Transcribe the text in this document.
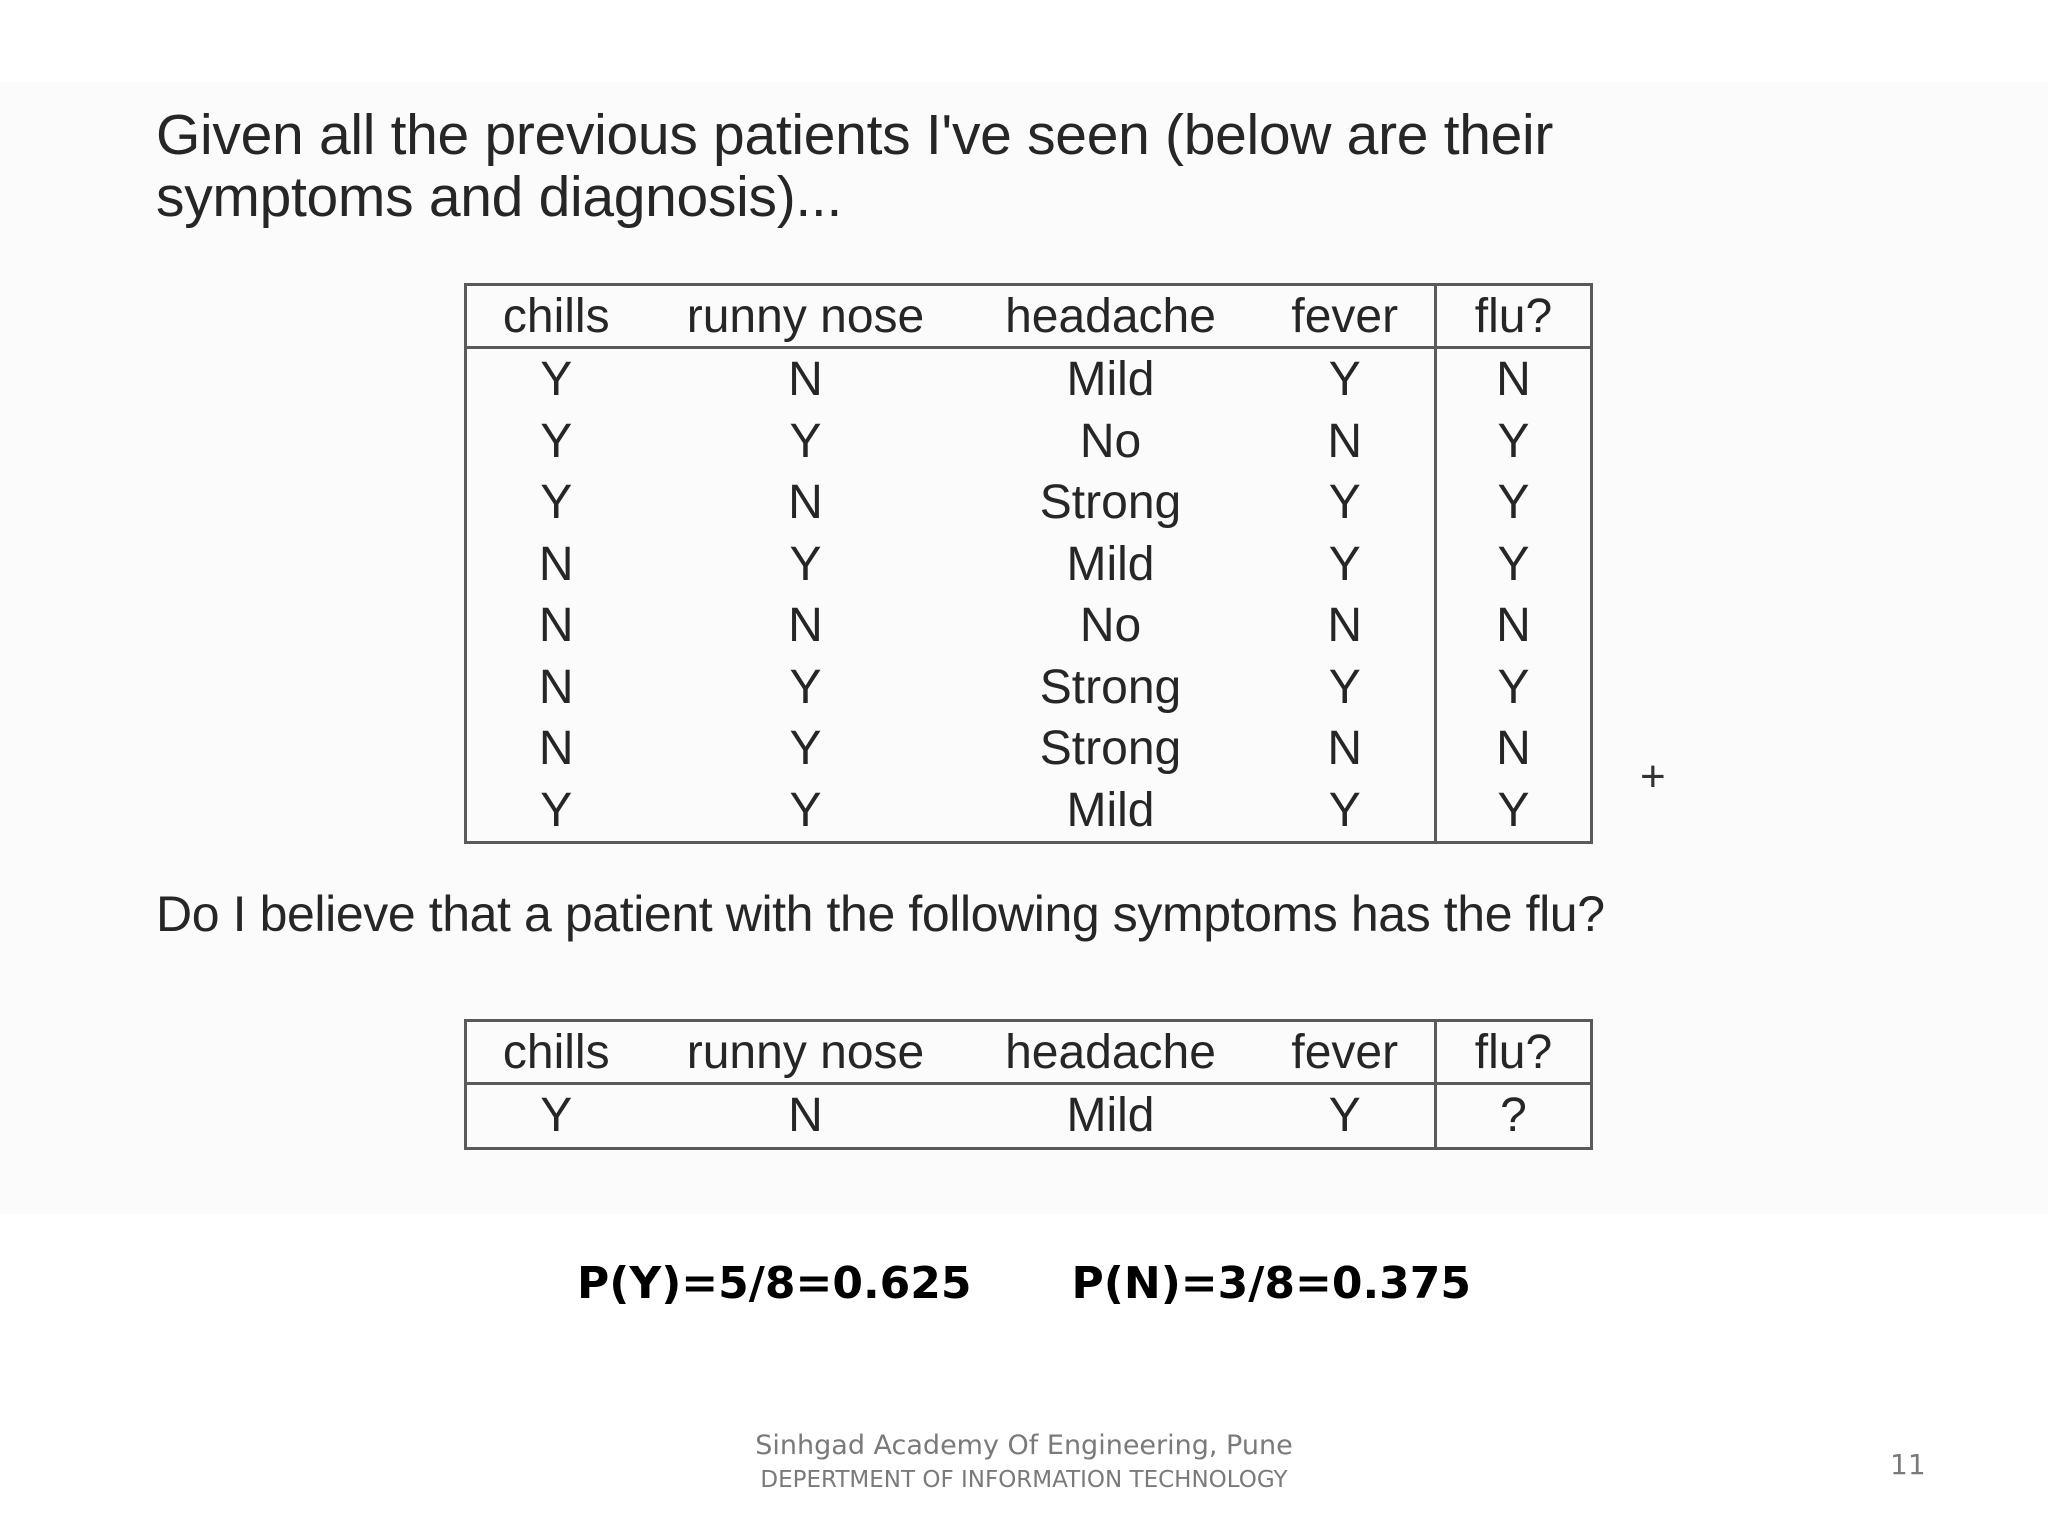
Given all the previous patients I've seen (below are their symptoms and diagnosis)...
chills	runny nose	headache	fever	flu?
Y	N	Mild	Y	N
Y	Y	No	N	Y
Y	N	Strong	Y	Y
N	Y	Mild	Y	Y
N	N	No	N	N
N	Y	Strong	Y	Y
N	Y	Strong	N	N
Y	Y	Mild	Y	Y
+
Do I believe that a patient with the following symptoms has the flu?
chills	runny nose	headache	fever	flu?
Y	N	Mild	Y	?
P(Y)=5/8=0.625 P(N)=3/8=0.375
Sinhgad Academy Of Engineering, Pune
DEPERTMENT OF INFORMATION TECHNOLOGY	11
